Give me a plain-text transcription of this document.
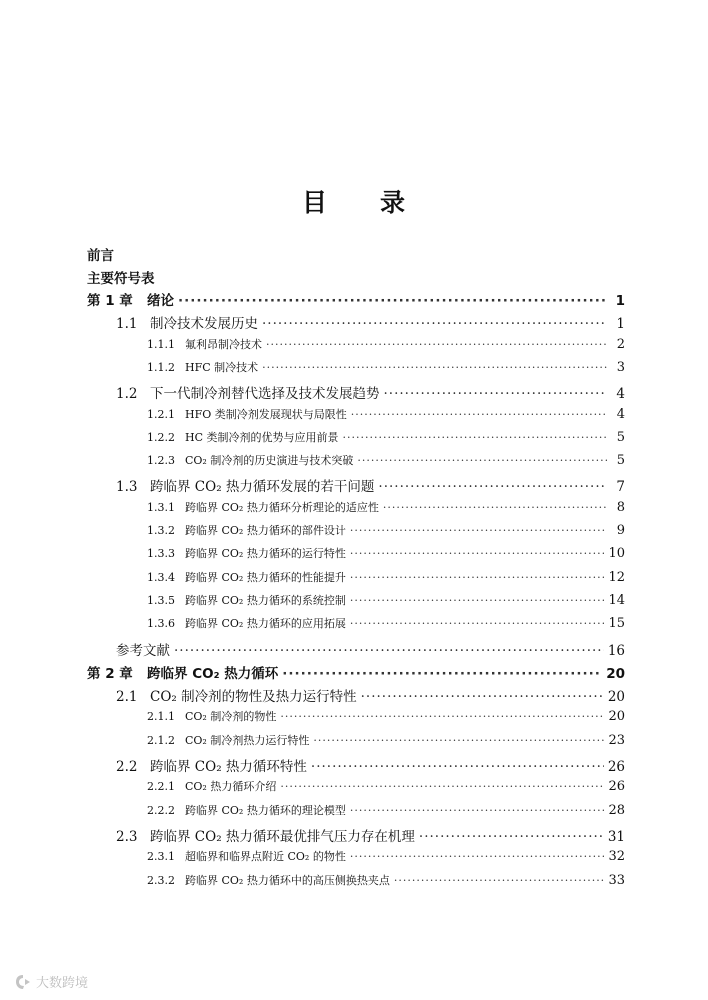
目 录
前言
主要符号表
第 1 章	绪论 ·····	1
1.1 制冷技术发展历史 ·····	1
1.1.1 氟利昂制冷技术 ·····	2
1.1.2 HFC 制冷技术 ·····	3
1.2 下一代制冷剂替代选择及技术发展趋势 ·····	4
1.2.1 HFO 类制冷剂发展现状与局限性 ·····	4
1.2.2 HC 类制冷剂的优势与应用前景 ·····	5
1.2.3 CO₂ 制冷剂的历史演进与技术突破 ·····	5
1.3 跨临界 CO₂ 热力循环发展的若干问题 ·····	7
1.3.1 跨临界 CO₂ 热力循环分析理论的适应性 ·····	8
1.3.2 跨临界 CO₂ 热力循环的部件设计 ·····	9
1.3.3 跨临界 CO₂ 热力循环的运行特性 ·····	10
1.3.4 跨临界 CO₂ 热力循环的性能提升 ·····	12
1.3.5 跨临界 CO₂ 热力循环的系统控制 ·····	14
1.3.6 跨临界 CO₂ 热力循环的应用拓展 ·····	15
参考文献 ·····	16
第 2 章	跨临界 CO₂ 热力循环 ·····	20
2.1 CO₂ 制冷剂的物性及热力运行特性 ·····	20
2.1.1 CO₂ 制冷剂的物性 ·····	20
2.1.2 CO₂ 制冷剂热力运行特性 ·····	23
2.2 跨临界 CO₂ 热力循环特性 ·····	26
2.2.1 CO₂ 热力循环介绍 ·····	26
2.2.2 跨临界 CO₂ 热力循环的理论模型 ·····	28
2.3 跨临界 CO₂ 热力循环最优排气压力存在机理 ·····	31
2.3.1 超临界和临界点附近 CO₂ 的物性 ·····	32
2.3.2 跨临界 CO₂ 热力循环中的高压侧换热夹点 ·····	33
大数跨境
